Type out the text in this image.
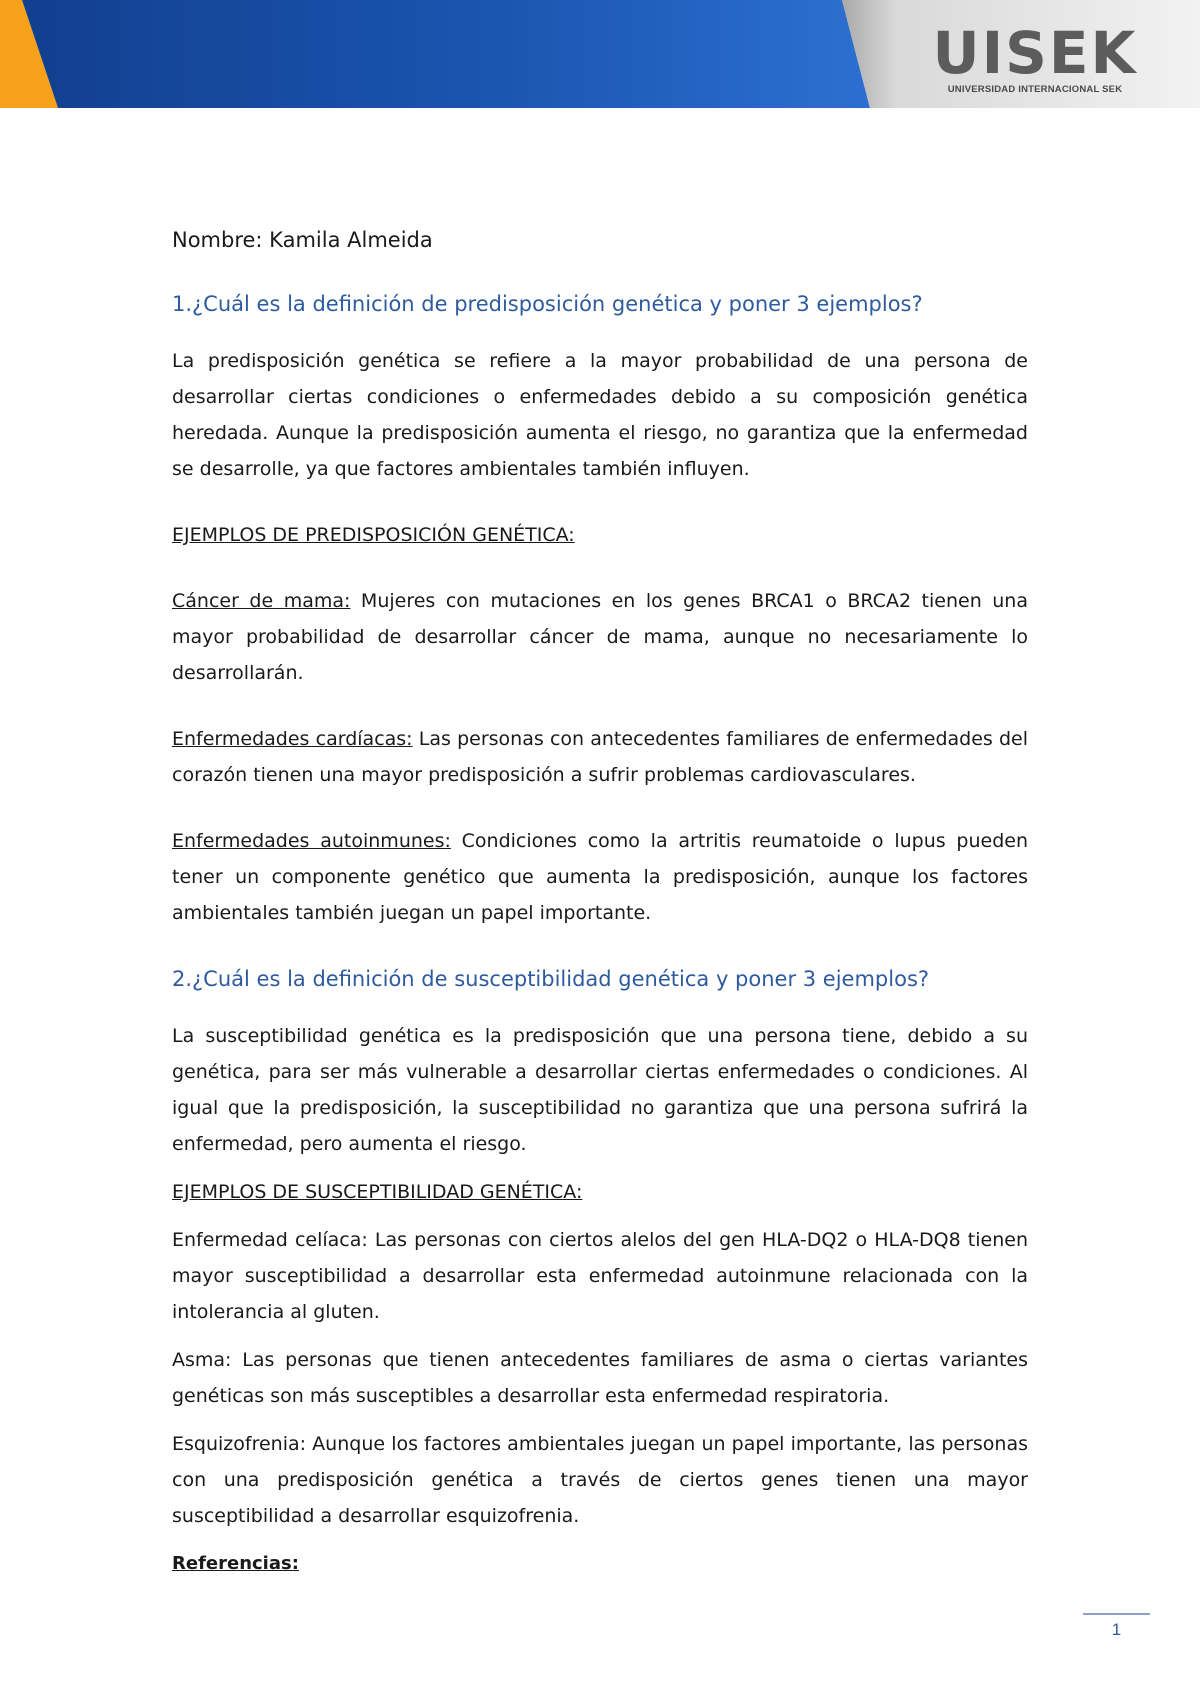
UISEK
UNIVERSIDAD INTERNACIONAL SEK

Nombre: Kamila Almeida

1.¿Cuál es la definición de predisposición genética y poner 3 ejemplos?

La predisposición genética se refiere a la mayor probabilidad de una persona de desarrollar ciertas condiciones o enfermedades debido a su composición genética heredada. Aunque la predisposición aumenta el riesgo, no garantiza que la enfermedad se desarrolle, ya que factores ambientales también influyen.

EJEMPLOS DE PREDISPOSICIÓN GENÉTICA:

Cáncer de mama: Mujeres con mutaciones en los genes BRCA1 o BRCA2 tienen una mayor probabilidad de desarrollar cáncer de mama, aunque no necesariamente lo desarrollarán.

Enfermedades cardíacas: Las personas con antecedentes familiares de enfermedades del corazón tienen una mayor predisposición a sufrir problemas cardiovasculares.

Enfermedades autoinmunes: Condiciones como la artritis reumatoide o lupus pueden tener un componente genético que aumenta la predisposición, aunque los factores ambientales también juegan un papel importante.

2.¿Cuál es la definición de susceptibilidad genética y poner 3 ejemplos?

La susceptibilidad genética es la predisposición que una persona tiene, debido a su genética, para ser más vulnerable a desarrollar ciertas enfermedades o condiciones. Al igual que la predisposición, la susceptibilidad no garantiza que una persona sufrirá la enfermedad, pero aumenta el riesgo.

EJEMPLOS DE SUSCEPTIBILIDAD GENÉTICA:

Enfermedad celíaca: Las personas con ciertos alelos del gen HLA-DQ2 o HLA-DQ8 tienen mayor susceptibilidad a desarrollar esta enfermedad autoinmune relacionada con la intolerancia al gluten.

Asma: Las personas que tienen antecedentes familiares de asma o ciertas variantes genéticas son más susceptibles a desarrollar esta enfermedad respiratoria.

Esquizofrenia: Aunque los factores ambientales juegan un papel importante, las personas con una predisposición genética a través de ciertos genes tienen una mayor susceptibilidad a desarrollar esquizofrenia.

Referencias:

1
